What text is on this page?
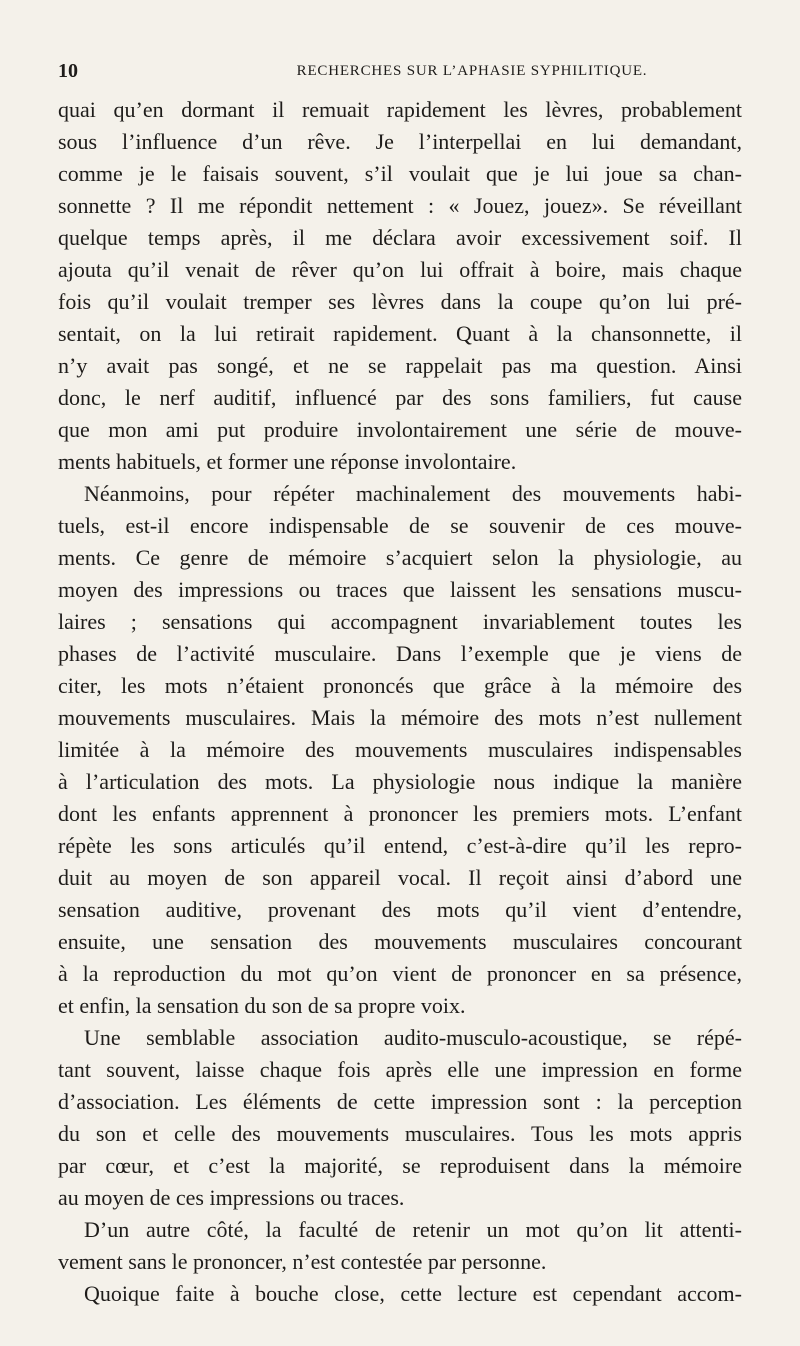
10	RECHERCHES SUR L’APHASIE SYPHILITIQUE.
quai qu’en dormant il remuait rapidement les lèvres, probablement
sous l’influence d’un rêve. Je l’interpellai en lui demandant,
comme je le faisais souvent, s’il voulait que je lui joue sa chan-
sonnette ? Il me répondit nettement : « Jouez, jouez». Se réveillant
quelque temps après, il me déclara avoir excessivement soif. Il
ajouta qu’il venait de rêver qu’on lui offrait à boire, mais chaque
fois qu’il voulait tremper ses lèvres dans la coupe qu’on lui pré-
sentait, on la lui retirait rapidement. Quant à la chansonnette, il
n’y avait pas songé, et ne se rappelait pas ma question. Ainsi
donc, le nerf auditif, influencé par des sons familiers, fut cause
que mon ami put produire involontairement une série de mouve-
ments habituels, et former une réponse involontaire.
Néanmoins, pour répéter machinalement des mouvements habi-
tuels, est-il encore indispensable de se souvenir de ces mouve-
ments. Ce genre de mémoire s’acquiert selon la physiologie, au
moyen des impressions ou traces que laissent les sensations muscu-
laires ; sensations qui accompagnent invariablement toutes les
phases de l’activité musculaire. Dans l’exemple que je viens de
citer, les mots n’étaient prononcés que grâce à la mémoire des
mouvements musculaires. Mais la mémoire des mots n’est nullement
limitée à la mémoire des mouvements musculaires indispensables
à l’articulation des mots. La physiologie nous indique la manière
dont les enfants apprennent à prononcer les premiers mots. L’enfant
répète les sons articulés qu’il entend, c’est-à-dire qu’il les repro-
duit au moyen de son appareil vocal. Il reçoit ainsi d’abord une
sensation auditive, provenant des mots qu’il vient d’entendre,
ensuite, une sensation des mouvements musculaires concourant
à la reproduction du mot qu’on vient de prononcer en sa présence,
et enfin, la sensation du son de sa propre voix.
Une semblable association audito-musculo-acoustique, se répé-
tant souvent, laisse chaque fois après elle une impression en forme
d’association. Les éléments de cette impression sont : la perception
du son et celle des mouvements musculaires. Tous les mots appris
par cœur, et c’est la majorité, se reproduisent dans la mémoire
au moyen de ces impressions ou traces.
D’un autre côté, la faculté de retenir un mot qu’on lit attenti-
vement sans le prononcer, n’est contestée par personne.
Quoique faite à bouche close, cette lecture est cependant accom-
